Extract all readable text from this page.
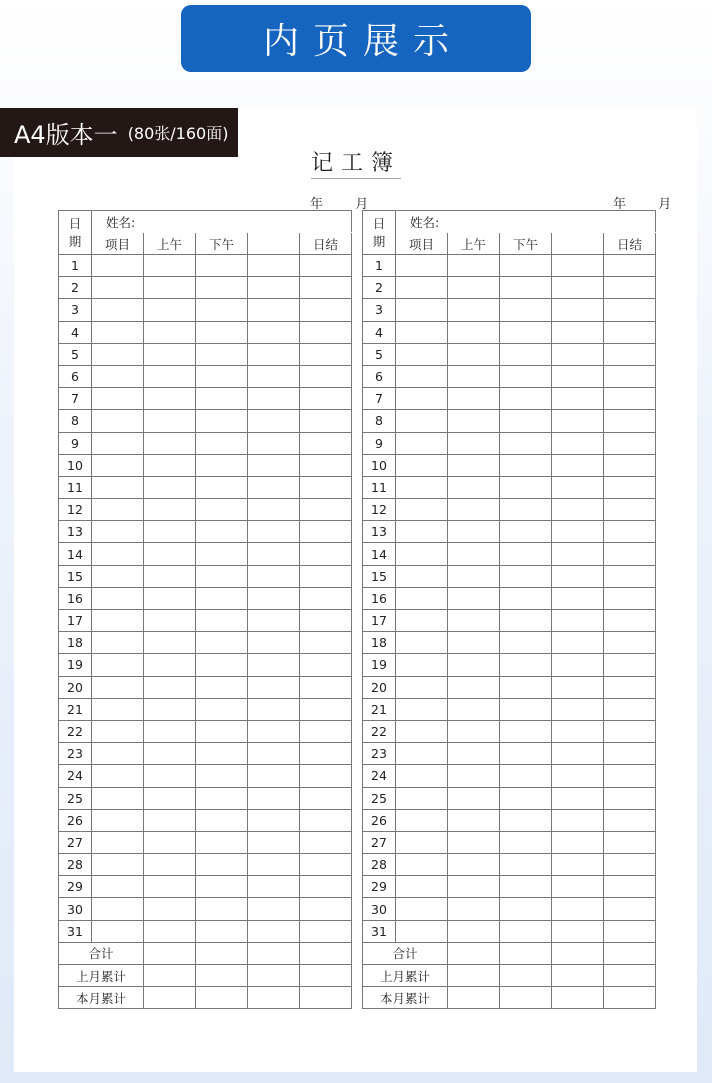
内页展示
A4版本一 (80张/160面)
记工簿
年 月	年 月
日
期	姓名:				
	项目	上午	下午		日结
1					
2					
3					
4					
5					
6					
7					
8					
9					
10					
11					
12					
13					
14					
15					
16					
17					
18					
19					
20					
21					
22					
23					
24					
25					
26					
27					
28					
29					
30					
31					
合计					
上月累计					
本月累计					
日
期	姓名:				
	项目	上午	下午		日结
1					
2					
3					
4					
5					
6					
7					
8					
9					
10					
11					
12					
13					
14					
15					
16					
17					
18					
19					
20					
21					
22					
23					
24					
25					
26					
27					
28					
29					
30					
31					
合计					
上月累计					
本月累计					
